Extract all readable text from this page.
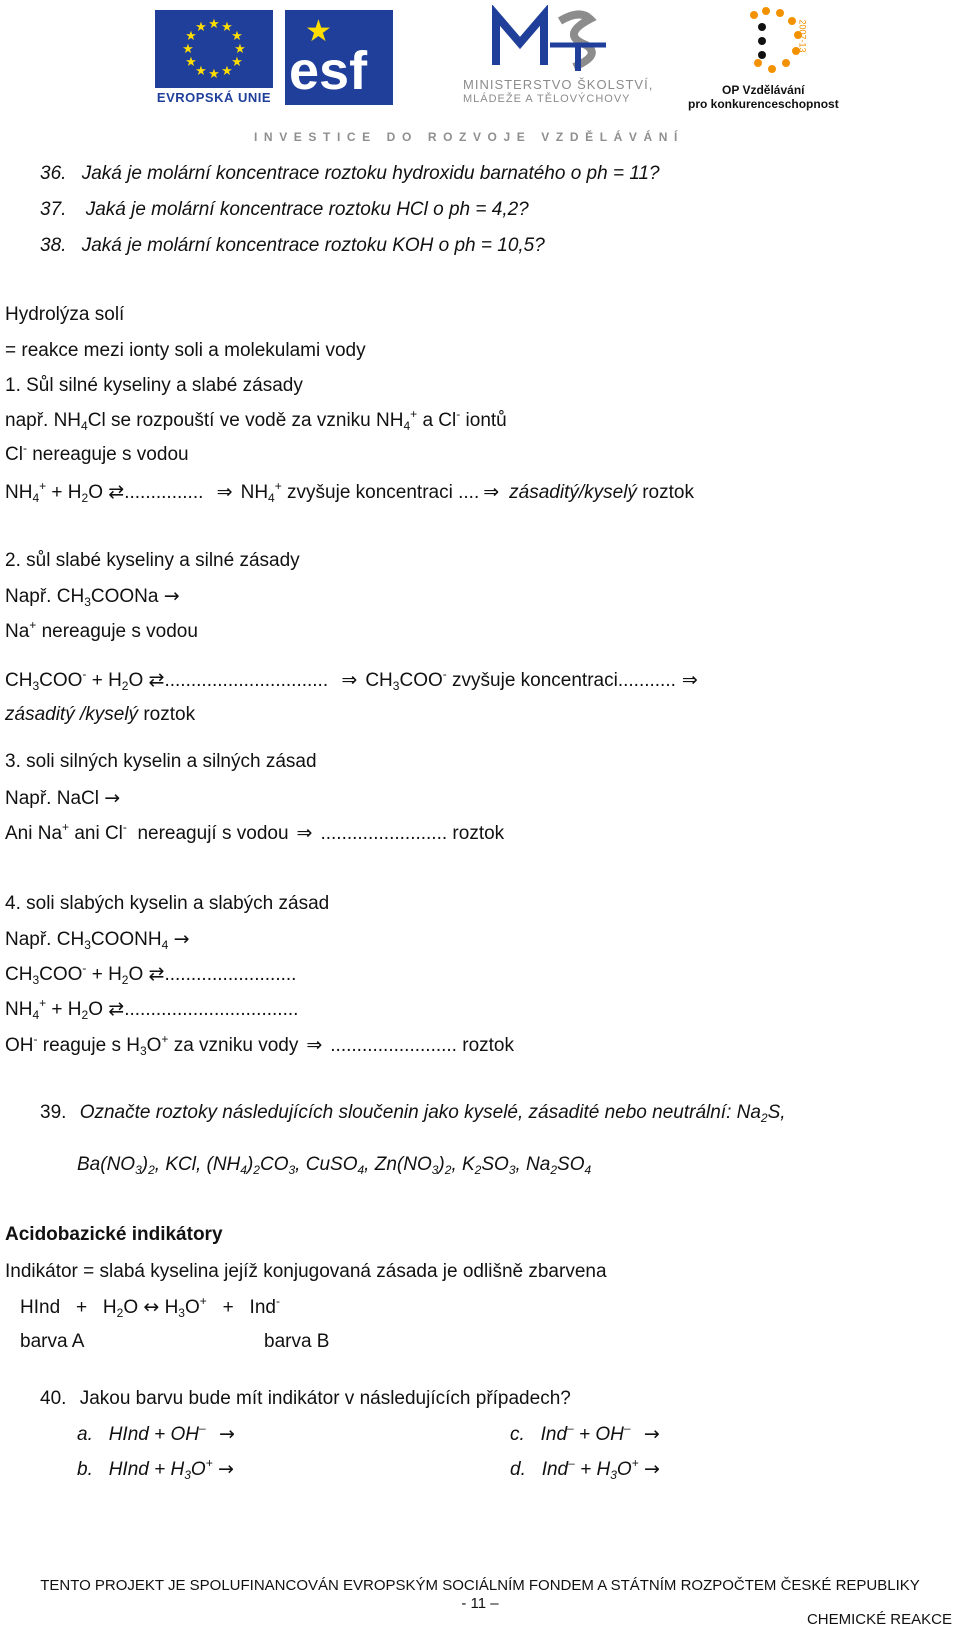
★ ★
★
★
★
★
★
★
★
★
★
★
EVROPSKÁ UNIE
★
esf	MINISTERSTVO ŠKOLSTVÍ,
MLÁDEŽE A TĚLOVÝCHOVY
2007-13
OP Vzdělávání
pro konkurenceschopnost
INVESTICE DO ROZVOJE VZDĚLÁVÁNÍ
36. Jaká je molární koncentrace roztoku hydroxidu barnatého o ph = 11?
37. Jaká je molární koncentrace roztoku HCl o ph = 4,2?
38. Jaká je molární koncentrace roztoku KOH o ph = 10,5?
Hydrolýza solí
= reakce mezi ionty soli a molekulami vody
1. Sůl silné kyseliny a slabé zásady
např. $NH_4Cl$ se rozpouští ve vodě za vzniku $NH_4^+$ a Cl- iontů
Cl- nereaguje s vodou
$NH_4^+ + H_2O$ ⇄............... ⇒ $NH_4^+$ zvyšuje koncentraci .... ⇒ zásaditý/kyselý roztok
2. sůl slabé kyseliny a silné zásady
Např. $CH_3COONa$ →
Na+ nereaguje s vodou
$CH_3COO^- + H_2O$ ⇄............................... ⇒ $CH_3COO^-$ zvyšuje koncentraci........... ⇒
zásaditý /kyselý roztok
3. soli silných kyselin a silných zásad
Např. NaCl →
Ani Na+ ani Cl-  nereagují s vodou ⇒ ........................ roztok
4. soli slabých kyselin a slabých zásad
Např. $CH_3COONH_4$ →
$CH_3COO^- + H_2O$ ⇄.........................
$NH_4^+ + H_2O$ ⇄.................................
OH- reaguje s $H_3O^+$ za vzniku vody ⇒ ........................ roztok
39. Označte roztoky následujících sloučenin jako kyselé, zásadité nebo neutrální: $Na_2S$,
$Ba(NO_3)_2$, KCl, $(NH_4)_2CO_3$, CuSO$_4$, $Zn(NO_3)_2$, $K_2SO_3$, $Na_2SO_4$
Acidobazické indikátory
Indikátor = slabá kyselina jejíž konjugovaná zásada je odlišně zbarvena
HInd   +   $H_2O$ ↔ $H_3O^+ + Ind^-$
barva A	barva B
40. Jakou barvu bude mít indikátor v následujících případech?
a. HInd + OH– →
b. HInd + $H_3O^+$ →
c. Ind– + OH– →
d. $Ind^- + H_3O^+$ →
TENTO PROJEKT JE SPOLUFINANCOVÁN EVROPSKÝM SOCIÁLNÍM FONDEM A STÁTNÍM ROZPOČTEM ČESKÉ REPUBLIKY
- 11 –
CHEMICKÉ REAKCE
